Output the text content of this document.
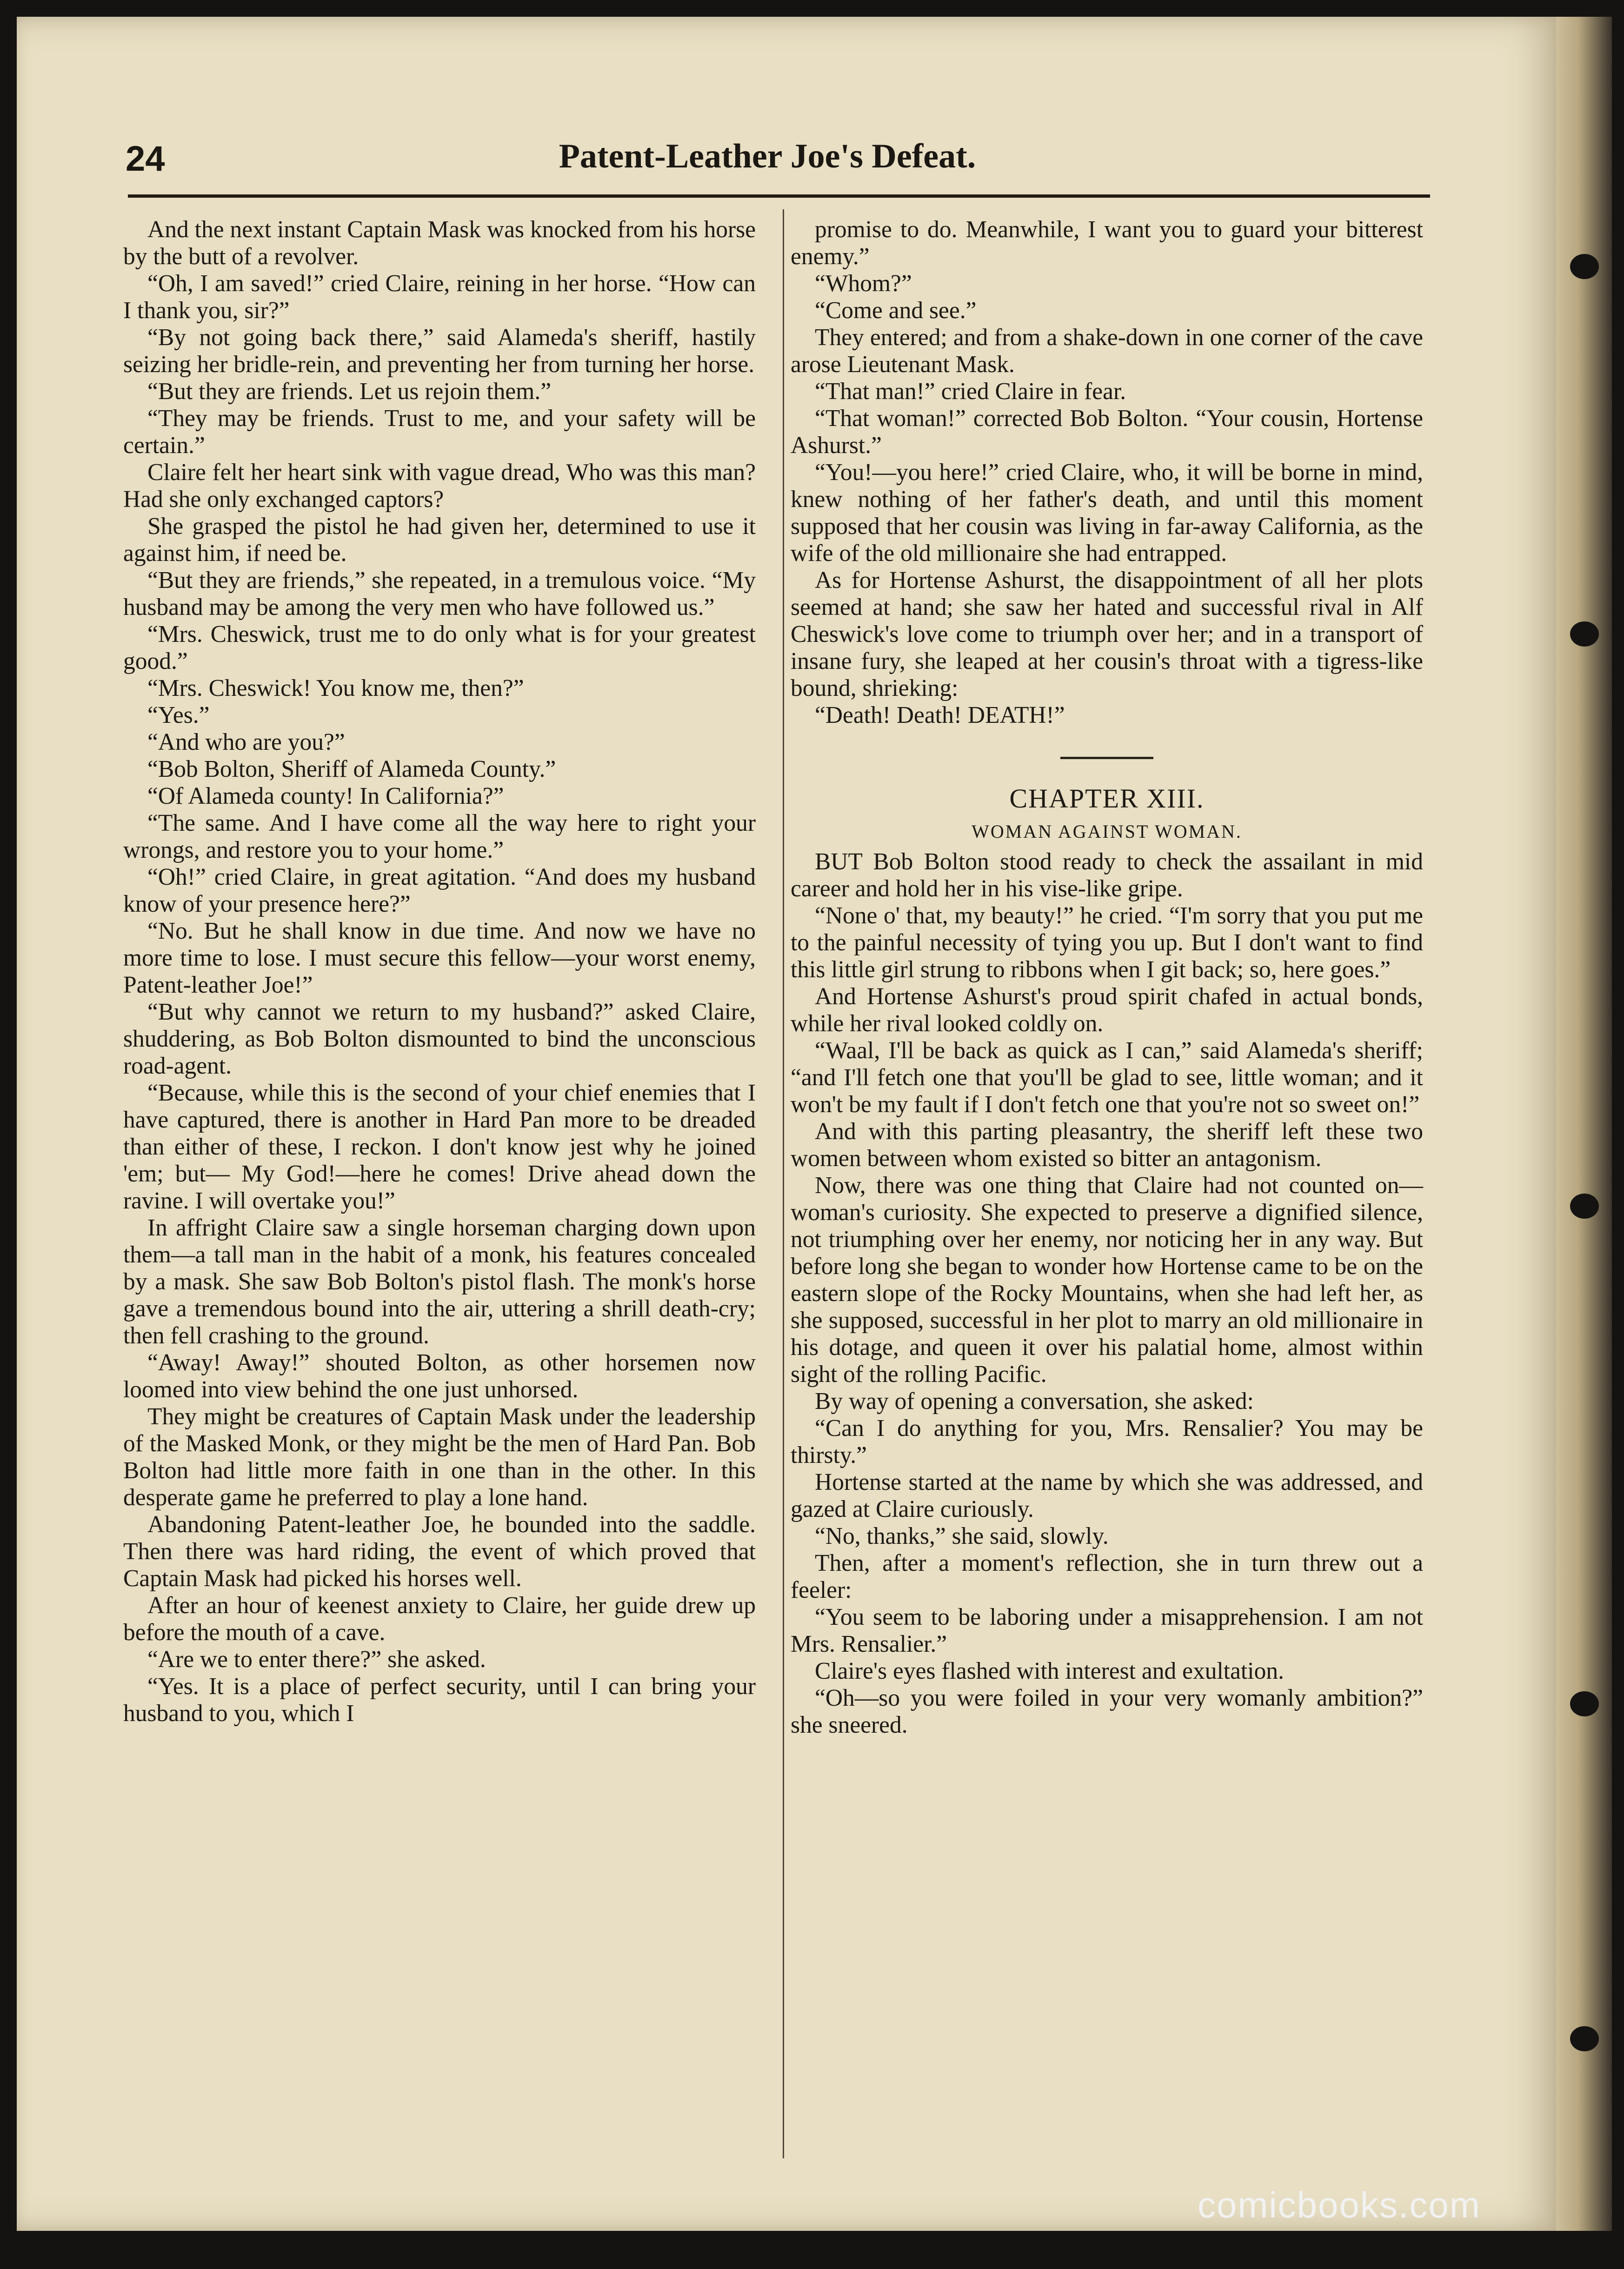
24	Patent-Leather Joe's Defeat.

And the next instant Captain Mask was knocked from his horse by the butt of a revolver.

“Oh, I am saved!” cried Claire, reining in her horse. “How can I thank you, sir?”

“By not going back there,” said Alameda's sheriff, hastily seizing her bridle-rein, and preventing her from turning her horse.

“But they are friends. Let us rejoin them.”

“They may be friends. Trust to me, and your safety will be certain.”

Claire felt her heart sink with vague dread, Who was this man? Had she only exchanged captors?

She grasped the pistol he had given her, determined to use it against him, if need be.

“But they are friends,” she repeated, in a tremulous voice. “My husband may be among the very men who have followed us.”

“Mrs. Cheswick, trust me to do only what is for your greatest good.”

“Mrs. Cheswick! You know me, then?”

“Yes.”

“And who are you?”

“Bob Bolton, Sheriff of Alameda County.”

“Of Alameda county! In California?”

“The same. And I have come all the way here to right your wrongs, and restore you to your home.”

“Oh!” cried Claire, in great agitation. “And does my husband know of your presence here?”

“No. But he shall know in due time. And now we have no more time to lose. I must secure this fellow—your worst enemy, Patent-leather Joe!”

“But why cannot we return to my husband?” asked Claire, shuddering, as Bob Bolton dismounted to bind the unconscious road-agent.

“Because, while this is the second of your chief enemies that I have captured, there is another in Hard Pan more to be dreaded than either of these, I reckon. I don't know jest why he joined 'em; but— My God!—here he comes! Drive ahead down the ravine. I will overtake you!”

In affright Claire saw a single horseman charging down upon them—a tall man in the habit of a monk, his features concealed by a mask. She saw Bob Bolton's pistol flash. The monk's horse gave a tremendous bound into the air, uttering a shrill death-cry; then fell crashing to the ground.

“Away! Away!” shouted Bolton, as other horsemen now loomed into view behind the one just unhorsed.

They might be creatures of Captain Mask under the leadership of the Masked Monk, or they might be the men of Hard Pan. Bob Bolton had little more faith in one than in the other. In this desperate game he preferred to play a lone hand.

Abandoning Patent-leather Joe, he bounded into the saddle. Then there was hard riding, the event of which proved that Captain Mask had picked his horses well.

After an hour of keenest anxiety to Claire, her guide drew up before the mouth of a cave.

“Are we to enter there?” she asked.

“Yes. It is a place of perfect security, until I can bring your husband to you, which I

promise to do. Meanwhile, I want you to guard your bitterest enemy.”

“Whom?”

“Come and see.”

They entered; and from a shake-down in one corner of the cave arose Lieutenant Mask.

“That man!” cried Claire in fear.

“That woman!” corrected Bob Bolton. “Your cousin, Hortense Ashurst.”

“You!—you here!” cried Claire, who, it will be borne in mind, knew nothing of her father's death, and until this moment supposed that her cousin was living in far-away California, as the wife of the old millionaire she had entrapped.

As for Hortense Ashurst, the disappointment of all her plots seemed at hand; she saw her hated and successful rival in Alf Cheswick's love come to triumph over her; and in a transport of insane fury, she leaped at her cousin's throat with a tigress-like bound, shrieking:

“Death! Death! DEATH!”

CHAPTER XIII.
WOMAN AGAINST WOMAN.

BUT Bob Bolton stood ready to check the assailant in mid career and hold her in his vise-like gripe.

“None o' that, my beauty!” he cried. “I'm sorry that you put me to the painful necessity of tying you up. But I don't want to find this little girl strung to ribbons when I git back; so, here goes.”

And Hortense Ashurst's proud spirit chafed in actual bonds, while her rival looked coldly on.

“Waal, I'll be back as quick as I can,” said Alameda's sheriff; “and I'll fetch one that you'll be glad to see, little woman; and it won't be my fault if I don't fetch one that you're not so sweet on!”

And with this parting pleasantry, the sheriff left these two women between whom existed so bitter an antagonism.

Now, there was one thing that Claire had not counted on—woman's curiosity. She expected to preserve a dignified silence, not triumphing over her enemy, nor noticing her in any way. But before long she began to wonder how Hortense came to be on the eastern slope of the Rocky Mountains, when she had left her, as she supposed, successful in her plot to marry an old millionaire in his dotage, and queen it over his palatial home, almost within sight of the rolling Pacific.

By way of opening a conversation, she asked:

“Can I do anything for you, Mrs. Rensalier? You may be thirsty.”

Hortense started at the name by which she was addressed, and gazed at Claire curiously.

“No, thanks,” she said, slowly.

Then, after a moment's reflection, she in turn threw out a feeler:

“You seem to be laboring under a misapprehension. I am not Mrs. Rensalier.”

Claire's eyes flashed with interest and exultation.

“Oh—so you were foiled in your very womanly ambition?” she sneered.

comicbooks.com
